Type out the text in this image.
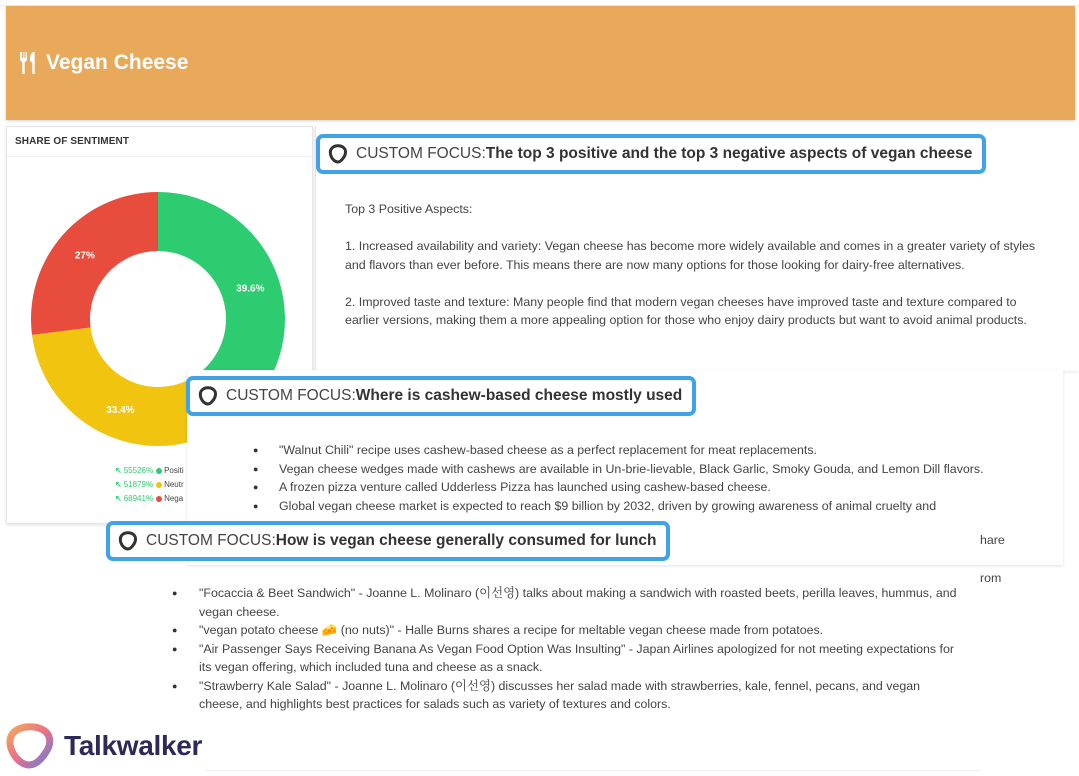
Vegan Cheese
SHARE OF SENTIMENT
39.6%
33.4%
27%
↖ 55526% Positi
↖ 51879% Neutr
↖ 68941% Nega

Top 3 Positive Aspects:

1. Increased availability and variety: Vegan cheese has become more widely available and comes in a greater variety of styles and flavors than ever before. This means there are now many options for those looking for dairy-free alternatives.

2. Improved taste and texture: Many people find that modern vegan cheeses have improved taste and texture compared to earlier versions, making them a more appealing option for those who enjoy dairy products but want to avoid animal products.

CUSTOM FOCUS: The top 3 positive and the top 3 negative aspects of vegan cheese
● "Walnut Chili" recipe uses cashew-based cheese as a perfect replacement for meat replacements.
● Vegan cheese wedges made with cashews are available in Un-brie-lievable, Black Garlic, Smoky Gouda, and Lemon Dill flavors.
● A frozen pizza venture called Udderless Pizza has launched using cashew-based cheese.
● Global vegan cheese market is expected to reach $9 billion by 2032, driven by growing awareness of animal cruelty and
hare
CUSTOM FOCUS: Where is cashew-based cheese mostly used
● "Focaccia & Beet Sandwich" - Joanne L. Molinaro (이선영) talks about making a sandwich with roasted beets, perilla leaves, hummus, and vegan cheese.
● "vegan potato cheese 🧀 (no nuts)" - Halle Burns shares a recipe for meltable vegan cheese made from potatoes.
● "Air Passenger Says Receiving Banana As Vegan Food Option Was Insulting" - Japan Airlines apologized for not meeting expectations for its vegan offering, which included tuna and cheese as a snack.
● "Strawberry Kale Salad" - Joanne L. Molinaro (이선영) discusses her salad made with strawberries, kale, fennel, pecans, and vegan cheese, and highlights best practices for salads such as variety of textures and colors.
rom
CUSTOM FOCUS: How is vegan cheese generally consumed for lunch
Talkwalker
